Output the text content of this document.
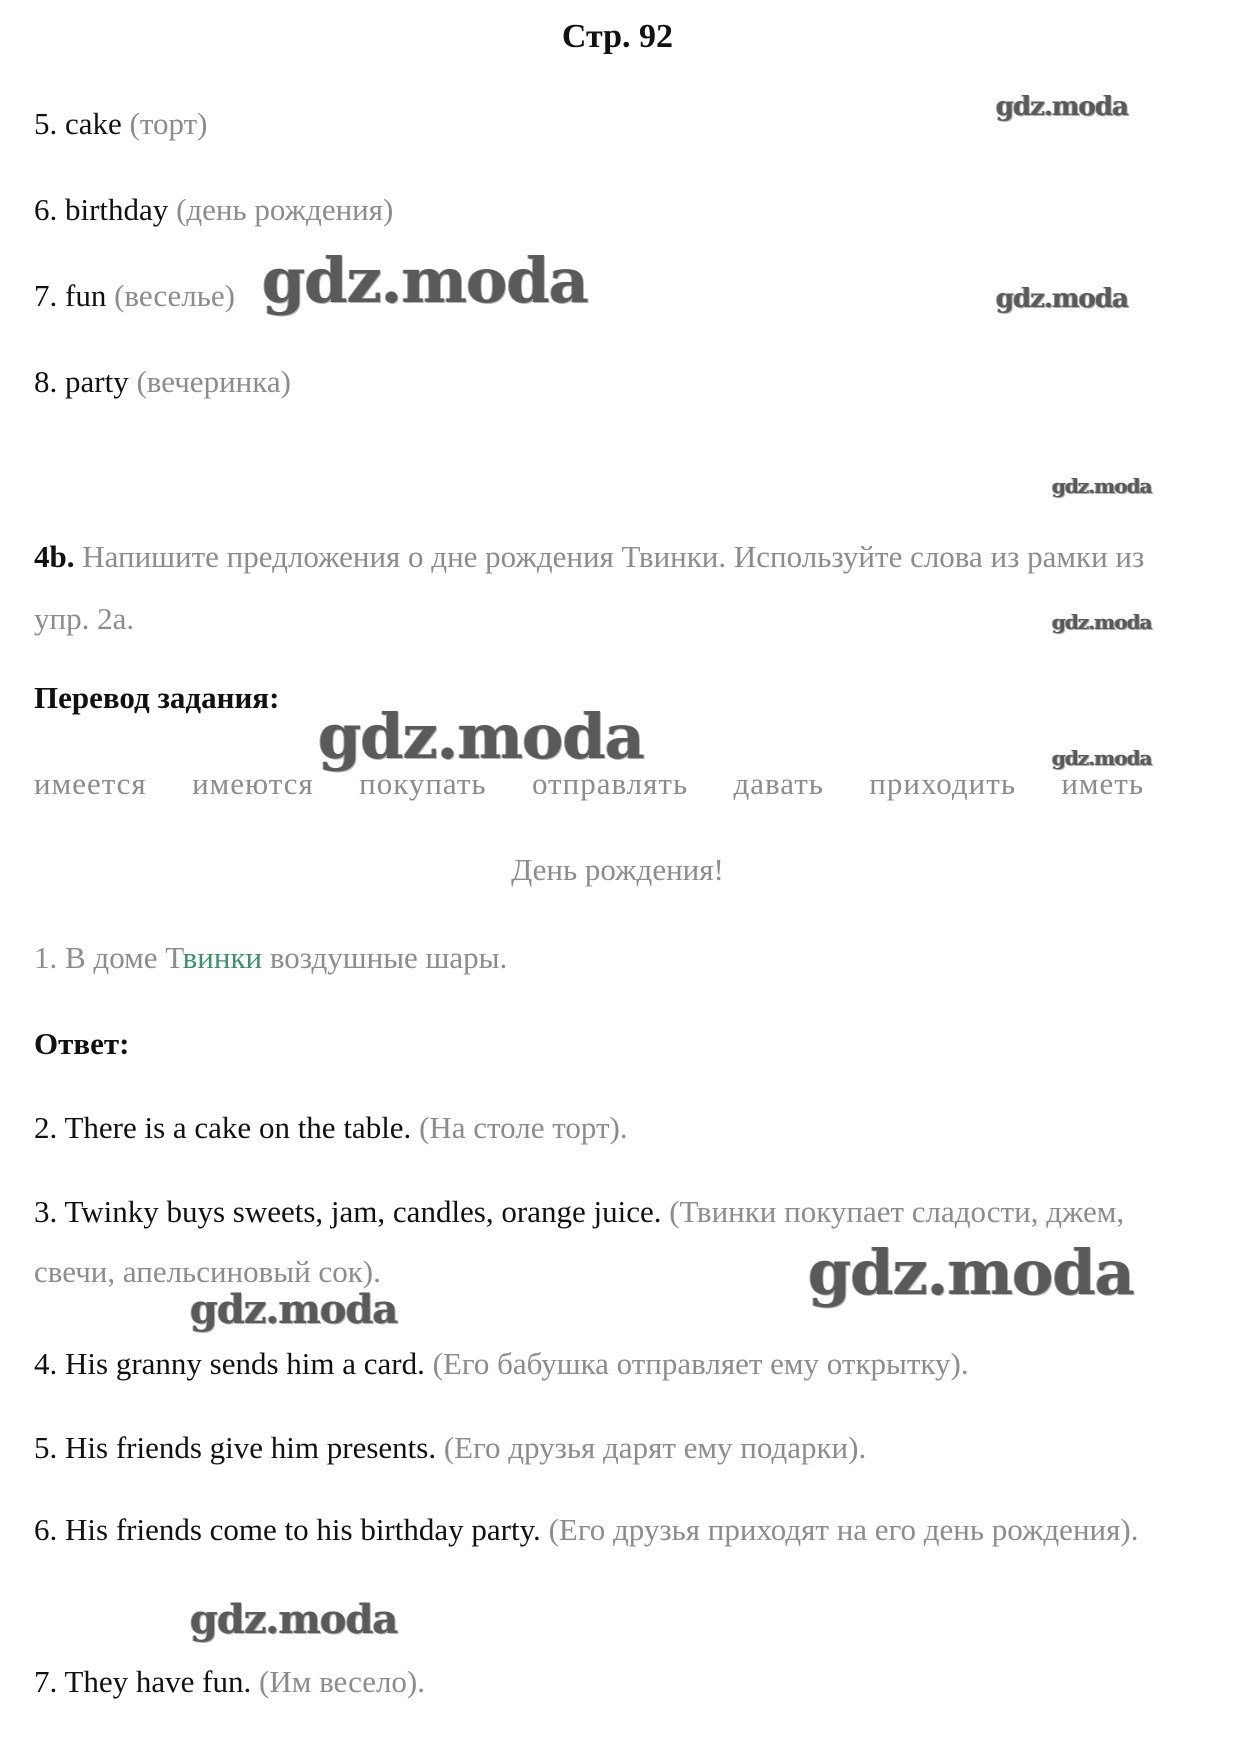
Стр. 92
5. cake (торт)
6. birthday (день рождения)
7. fun (веселье)
8. party (вечеринка)
4b. Напишите предложения о дне рождения Твинки. Используйте слова из рамки из упр. 2а.
Перевод задания:
имеется имеются покупать отправлять давать приходить иметь
День рождения!
1. В доме Твинки воздушные шары.
Ответ:
2. There is a cake on the table. (На столе торт).
3. Twinky buys sweets, jam, candles, orange juice. (Твинки покупает сладости, джем, свечи, апельсиновый сок).
4. His granny sends him a card. (Его бабушка отправляет ему открытку).
5. His friends give him presents. (Его друзья дарят ему подарки).
6. His friends come to his birthday party. (Его друзья приходят на его день рождения).
7. They have fun. (Им весело).
gdz.moda
gdz.moda	gdz.moda
gdz.moda
gdz.moda
gdz.moda	gdz.moda
gdz.moda
gdz.moda
gdz.moda
